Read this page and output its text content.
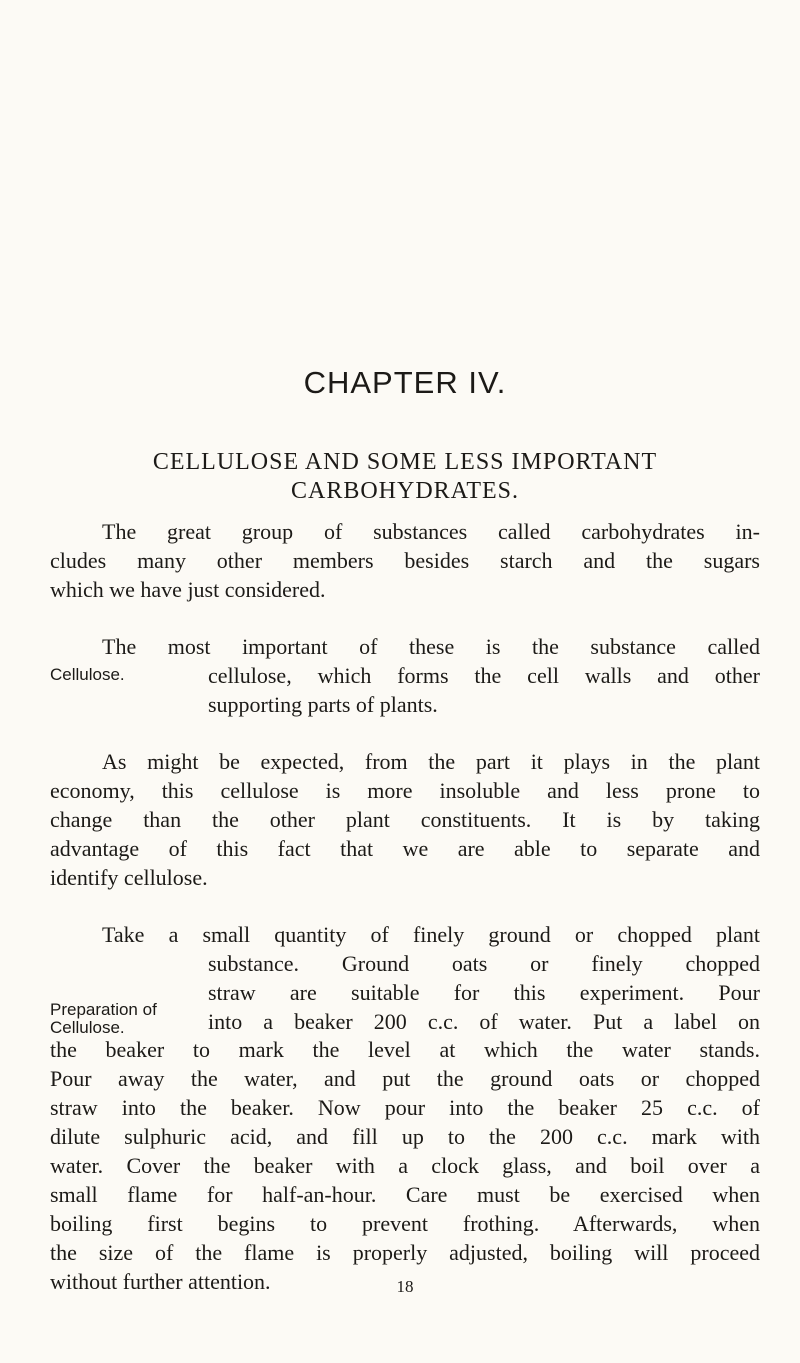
CHAPTER IV.
CELLULOSE AND SOME LESS IMPORTANT
CARBOHYDRATES.

The great group of substances called carbohydrates in-
cludes many other members besides starch and the sugars
which we have just considered.

The most important of these is the substance called

Cellulose.	cellulose, which forms the cell walls and other
supporting parts of plants.

As might be expected, from the part it plays in the plant
economy, this cellulose is more insoluble and less prone to
change than the other plant constituents. It is by taking
advantage of this fact that we are able to separate and
identify cellulose.

Take a small quantity of finely ground or chopped plant

Preparation of
Cellulose.

substance. Ground oats or finely chopped
straw are suitable for this experiment. Pour
into a beaker 200 c.c. of water. Put a label on

the beaker to mark the level at which the water stands.
Pour away the water, and put the ground oats or chopped
straw into the beaker. Now pour into the beaker 25 c.c. of
dilute sulphuric acid, and fill up to the 200 c.c. mark with
water. Cover the beaker with a clock glass, and boil over a
small flame for half-an-hour. Care must be exercised when
boiling first begins to prevent frothing. Afterwards, when
the size of the flame is properly adjusted, boiling will proceed
without further attention.	18
